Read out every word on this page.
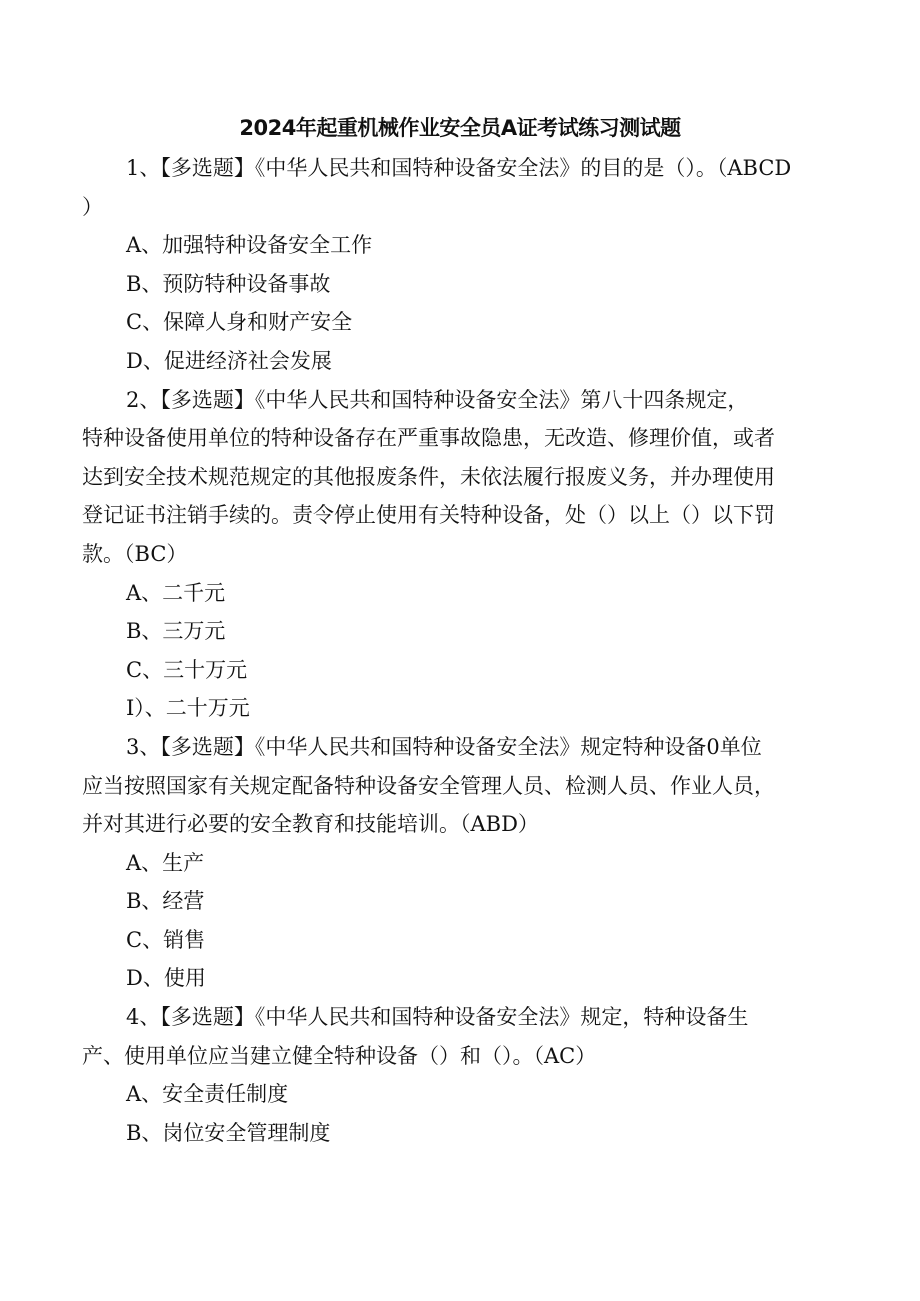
2024年起重机械作业安全员A证考试练习测试题
1、【多选题】《中华人民共和国特种设备安全法》的目的是（）。（ABCD
）
A、加强特种设备安全工作
B、预防特种设备事故
C、保障人身和财产安全
D、促进经济社会发展
2、【多选题】《中华人民共和国特种设备安全法》第八十四条规定，
特种设备使用单位的特种设备存在严重事故隐患，无改造、修理价值，或者
达到安全技术规范规定的其他报废条件，未依法履行报废义务，并办理使用
登记证书注销手续的。责令停止使用有关特种设备，处（）以上（）以下罚
款。（BC）
A、二千元
B、三万元
C、三十万元
I）、二十万元
3、【多选题】《中华人民共和国特种设备安全法》规定特种设备0单位
应当按照国家有关规定配备特种设备安全管理人员、检测人员、作业人员，
并对其进行必要的安全教育和技能培训。（ABD）
A、生产
B、经营
C、销售
D、使用
4、【多选题】《中华人民共和国特种设备安全法》规定，特种设备生
产、使用单位应当建立健全特种设备（）和（）。（AC）
A、安全责任制度
B、岗位安全管理制度
